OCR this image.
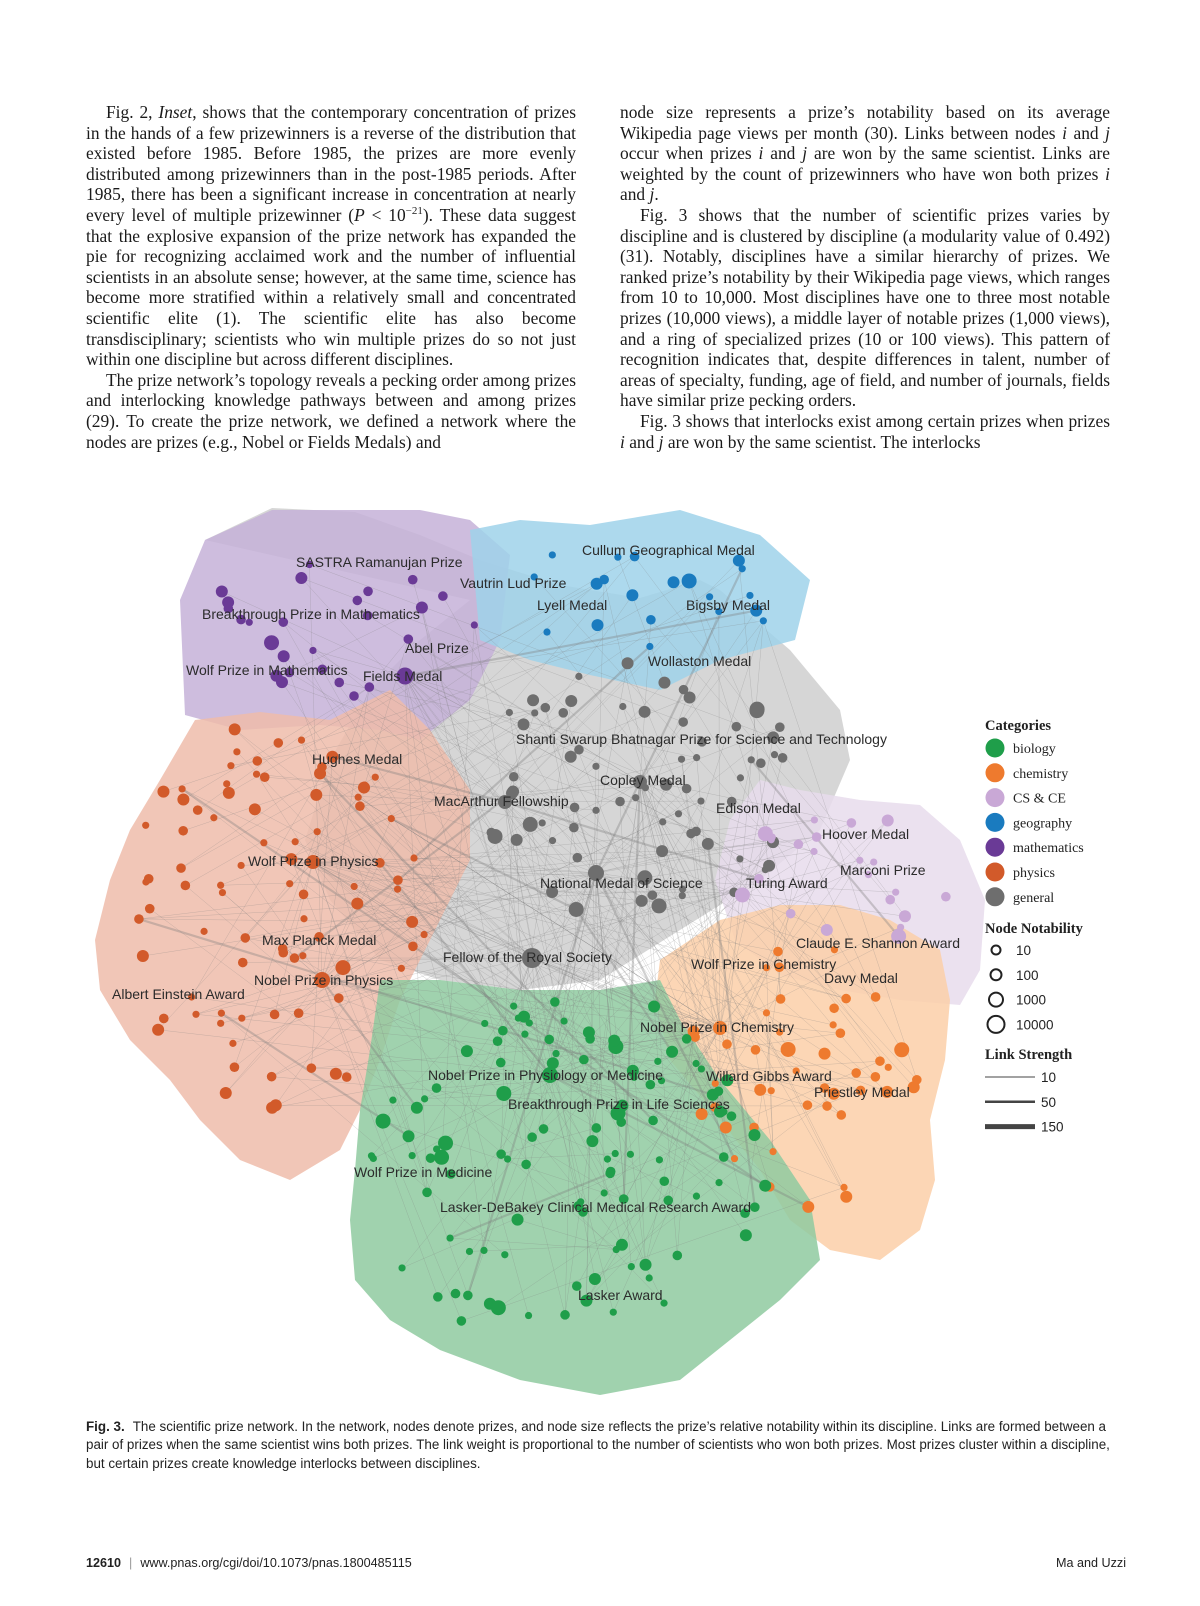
Fig. 2, Inset, shows that the contemporary concentration of prizes in the hands of a few prizewinners is a reverse of the distribution that existed before 1985. Before 1985, the prizes are more evenly distributed among prizewinners than in the post-1985 periods. After 1985, there has been a significant increase in concentration at nearly every level of multiple prizewinner $(P < 10^{-21})$. These data suggest that the explosive expansion of the prize network has expanded the pie for recognizing acclaimed work and the number of influential scientists in an absolute sense; however, at the same time, science has become more stratified within a relatively small and concentrated scientific elite (1). The scientific elite has also become transdisciplinary; scientists who win multiple prizes do so not just within one discipline but across different disciplines.

The prize network’s topology reveals a pecking order among prizes and interlocking knowledge pathways between and among prizes (29). To create the prize network, we defined a network where the nodes are prizes (e.g., Nobel or Fields Medals) and

node size represents a prize’s notability based on its average Wikipedia page views per month (30). Links between nodes i and j occur when prizes i and j are won by the same scientist. Links are weighted by the count of prizewinners who have won both prizes i and j.

Fig. 3 shows that the number of scientific prizes varies by discipline and is clustered by discipline (a modularity value of 0.492) (31). Notably, disciplines have a similar hierarchy of prizes. We ranked prize’s notability by their Wikipedia page views, which ranges from 10 to 10,000. Most disciplines have one to three most notable prizes (10,000 views), a middle layer of notable prizes (1,000 views), and a ring of specialized prizes (10 or 100 views). This pattern of recognition indicates that, despite differences in talent, number of areas of specialty, funding, age of field, and number of journals, fields have similar prize pecking orders.

Fig. 3 shows that interlocks exist among certain prizes when prizes i and j are won by the same scientist. The interlocks

SASTRA Ramanujan Prize
Cullum Geographical Medal
Vautrin Lud Prize
Lyell Medal	Bigsby Medal
Breakthrough Prize in Mathematics
Abel Prize
Wolf Prize in Mathematics Fields Medal
Wollaston Medal
Shanti Swarup Bhatnagar Prize for Science and Technology
Hughes Medal
Copley Medal
MacArthur Fellowship	Edison Medal
Hoover Medal
Wolf Prize in Physics
Marconi Prize
National Medal of Science	Turing Award
Max Planck Medal	Claude E. Shannon Award
Fellow of the Royal Society	Wolf Prize in Chemistry
Davy Medal
Nobel Prize in Physics
Albert Einstein Award
Nobel Prize in Chemistry
Nobel Prize in Physiology or Medicine	Willard Gibbs Award
Priestley Medal
Breakthrough Prize in Life Sciences
Wolf Prize in Medicine
Lasker-DeBakey Clinical Medical Research Award
Lasker Award
Categories
biology
chemistry
CS & CE
geography
mathematics
physics
general
Node Notability
10
100
1000
10000
Link Strength
10
50
150
Fig. 3. The scientific prize network. In the network, nodes denote prizes, and node size reflects the prize’s relative notability within its discipline. Links are formed between a pair of prizes when the same scientist wins both prizes. The link weight is proportional to the number of scientists who won both prizes. Most prizes cluster within a discipline, but certain prizes create knowledge interlocks between disciplines.
12610 | www.pnas.org/cgi/doi/10.1073/pnas.1800485115	Ma and Uzzi
